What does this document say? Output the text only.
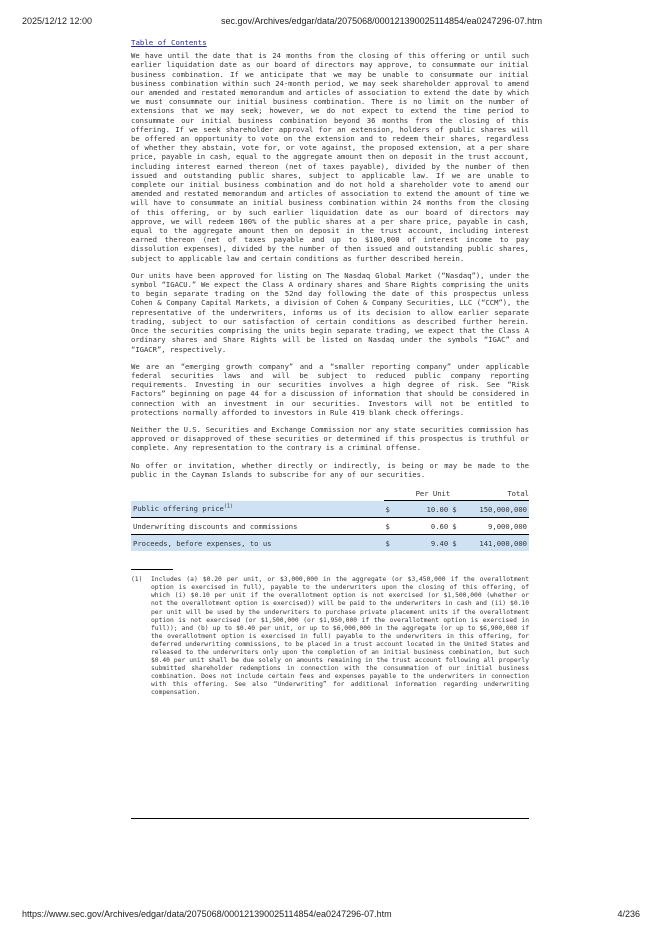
2025/12/12 12:00	sec.gov/Archives/edgar/data/2075068/000121390025114854/ea0247296-07.htm
Table of Contents

We have until the date that is 24 months from the closing of this offering or until such earlier liquidation date as our board of directors may approve, to consummate our initial business combination. If we anticipate that we may be unable to consummate our initial business combination within such 24-month period, we may seek shareholder approval to amend our amended and restated memorandum and articles of association to extend the date by which we must consummate our initial business combination. There is no limit on the number of extensions that we may seek; however, we do not expect to extend the time period to consummate our initial business combination beyond 36 months from the closing of this offering. If we seek shareholder approval for an extension, holders of public shares will be offered an opportunity to vote on the extension and to redeem their shares, regardless of whether they abstain, vote for, or vote against, the proposed extension, at a per share price, payable in cash, equal to the aggregate amount then on deposit in the trust account, including interest earned thereon (net of taxes payable), divided by the number of then issued and outstanding public shares, subject to applicable law. If we are unable to complete our initial business combination and do not hold a shareholder vote to amend our amended and restated memorandum and articles of association to extend the amount of time we will have to consummate an initial business combination within 24 months from the closing of this offering, or by such earlier liquidation date as our board of directors may approve, we will redeem 100% of the public shares at a per share price, payable in cash, equal to the aggregate amount then on deposit in the trust account, including interest earned thereon (net of taxes payable and up to $100,000 of interest income to pay dissolution expenses), divided by the number of then issued and outstanding public shares, subject to applicable law and certain conditions as further described herein.

Our units have been approved for listing on The Nasdaq Global Market (“Nasdaq”), under the symbol “IGACU.” We expect the Class A ordinary shares and Share Rights comprising the units to begin separate trading on the 52nd day following the date of this prospectus unless Cohen & Company Capital Markets, a division of Cohen & Company Securities, LLC (“CCM”), the representative of the underwriters, informs us of its decision to allow earlier separate trading, subject to our satisfaction of certain conditions as described further herein. Once the securities comprising the units begin separate trading, we expect that the Class A ordinary shares and Share Rights will be listed on Nasdaq under the symbols “IGAC” and “IGACR”, respectively.

We are an “emerging growth company” and a “smaller reporting company” under applicable federal securities laws and will be subject to reduced public company reporting requirements. Investing in our securities involves a high degree of risk. See “Risk Factors” beginning on page 44 for a discussion of information that should be considered in connection with an investment in our securities. Investors will not be entitled to protections normally afforded to investors in Rule 419 blank check offerings.

Neither the U.S. Securities and Exchange Commission nor any state securities commission has approved or disapproved of these securities or determined if this prospectus is truthful or complete. Any representation to the contrary is a criminal offense.

No offer or invitation, whether directly or indirectly, is being or may be made to the public in the Cayman Islands to subscribe for any of our securities.

		Per Unit		Total
Public offering price$^{(1)}$	$	10.00	$	150,000,000
Underwriting discounts and commissions	$	0.60	$	9,000,000
Proceeds, before expenses, to us	$	9.40	$	141,000,000
(1)	Includes (a) $0.20 per unit, or $3,000,000 in the aggregate (or $3,450,000 if the overallotment option is exercised in full), payable to the underwriters upon the closing of this offering, of which (i) $0.10 per unit if the overallotment option is not exercised (or $1,500,000 (whether or not the overallotment option is exercised)) will be paid to the underwriters in cash and (ii) $0.10 per unit will be used by the underwriters to purchase private placement units if the overallotment option is not exercised (or $1,500,000 (or $1,950,000 if the overallotment option is exercised in full)); and (b) up to $0.40 per unit, or up to $6,000,000 in the aggregate (or up to $6,900,000 if the overallotment option is exercised in full) payable to the underwriters in this offering, for deferred underwriting commissions, to be placed in a trust account located in the United States and released to the underwriters only upon the completion of an initial business combination, but such $0.40 per unit shall be due solely on amounts remaining in the trust account following all properly submitted shareholder redemptions in connection with the consummation of our initial business combination. Does not include certain fees and expenses payable to the underwriters in connection with this offering. See also “Underwriting” for additional information regarding underwriting compensation.
https://www.sec.gov/Archives/edgar/data/2075068/000121390025114854/ea0247296-07.htm	4/236
